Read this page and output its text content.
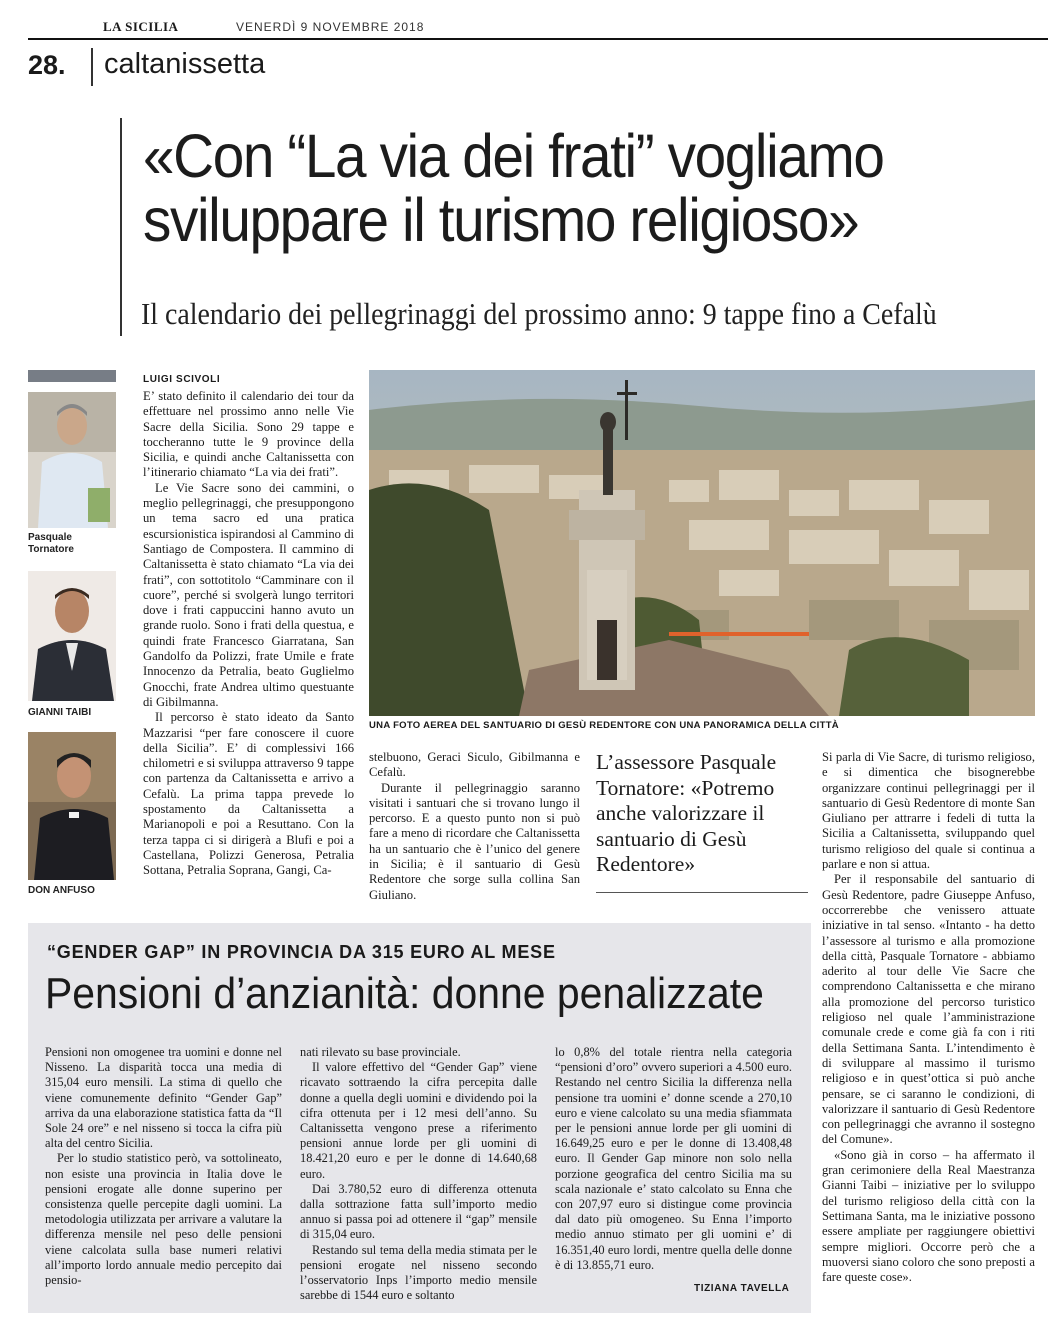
LA SICILIA	VENERDÌ 9 NOVEMBRE 2018
28. caltanissetta
«Con “La via dei frati” vogliamo
sviluppare il turismo religioso»
Il calendario dei pellegrinaggi del prossimo anno: 9 tappe fino a Cefalù
Pasquale Tornatore
GIANNI TAIBI
DON ANFUSO
LUIGI SCIVOLI

E’ stato definito il calendario dei tour da effettuare nel prossimo anno nelle Vie Sacre della Sicilia. Sono 29 tappe e toccheranno tutte le 9 province della Sicilia, e quindi anche Caltanissetta con l’itinerario chiamato “La via dei frati”.

Le Vie Sacre sono dei cammini, o meglio pellegrinaggi, che presuppongono un tema sacro ed una pratica escursionistica ispirandosi al Cammino di Santiago de Compostera. Il cammino di Caltanissetta è stato chiamato “La via dei frati”, con sottotitolo “Camminare con il cuore”, perché si svolgerà lungo territori dove i frati cappuccini hanno avuto un grande ruolo. Sono i frati della questua, e quindi frate Francesco Giarratana, San Gandolfo da Polizzi, frate Umile e frate Innocenzo da Petralia, beato Guglielmo Gnocchi, frate Andrea ultimo questuante di Gibilmanna.

Il percorso è stato ideato da Santo Mazzarisi “per fare conoscere il cuore della Sicilia”. E’ di complessivi 166 chilometri e si sviluppa attraverso 9 tappe con partenza da Caltanissetta e arrivo a Cefalù. La prima tappa prevede lo spostamento da Caltanissetta a Marianopoli e poi a Resuttano. Con la terza tappa ci si dirigerà a Blufi e poi a Castellana, Polizzi Generosa, Petralia Sottana, Petralia Soprana, Gangi, Ca-

UNA FOTO AEREA DEL SANTUARIO DI GESÙ REDENTORE CON UNA PANORAMICA DELLA CITTÀ

stelbuono, Geraci Siculo, Gibilmanna e Cefalù.

Durante il pellegrinaggio saranno visitati i santuari che si trovano lungo il percorso. E a questo punto non si può fare a meno di ricordare che Caltanissetta ha un santuario che è l’unico del genere in Sicilia; è il santuario di Gesù Redentore che sorge sulla collina San Giuliano.

L’assessore Pasquale Tornatore: «Potremo anche valorizzare il santuario di Gesù Redentore»

Si parla di Vie Sacre, di turismo religioso, e si dimentica che bisognerebbe organizzare continui pellegrinaggi per il santuario di Gesù Redentore di monte San Giuliano per attrarre i fedeli di tutta la Sicilia a Caltanissetta, sviluppando quel turismo religioso del quale si continua a parlare e non si attua.

Per il responsabile del santuario di Gesù Redentore, padre Giuseppe Anfuso, occorrerebbe che venissero attuate iniziative in tal senso. «Intanto - ha detto l’assessore al turismo e alla promozione della città, Pasquale Tornatore - abbiamo aderito al tour delle Vie Sacre che comprendono Caltanissetta e che mirano alla promozione del percorso turistico religioso nel quale l’amministrazione comunale crede e come già fa con i riti della Settimana Santa. L’intendimento è di sviluppare al massimo il turismo religioso e in quest’ottica si può anche pensare, se ci saranno le condizioni, di valorizzare il santuario di Gesù Redentore con pellegrinaggi che avranno il sostegno del Comune».

«Sono già in corso – ha affermato il gran cerimoniere della Real Maestranza Gianni Taibi – iniziative per lo sviluppo del turismo religioso della città con la Settimana Santa, ma le iniziative possono essere ampliate per raggiungere obiettivi sempre migliori. Occorre però che a muoversi siano coloro che sono preposti a fare queste cose».

“GENDER GAP” IN PROVINCIA DA 315 EURO AL MESE
Pensioni d’anzianità: donne penalizzate

Pensioni non omogenee tra uomini e donne nel Nisseno. La disparità tocca una media di 315,04 euro mensili. La stima di quello che viene comunemente definito “Gender Gap” arriva da una elaborazione statistica fatta da “Il Sole 24 ore” e nel nisseno si tocca la cifra più alta del centro Sicilia.

Per lo studio statistico però, va sottolineato, non esiste una provincia in Italia dove le pensioni erogate alle donne superino per consistenza quelle percepite dagli uomini. La metodologia utilizzata per arrivare a valutare la differenza mensile nel peso delle pensioni viene calcolata sulla base numeri relativi all’importo lordo annuale medio percepito dai pensio-

nati rilevato su base provinciale.

Il valore effettivo del “Gender Gap” viene ricavato sottraendo la cifra percepita dalle donne a quella degli uomini e dividendo poi la cifra ottenuta per i 12 mesi dell’anno. Su Caltanissetta vengono prese a riferimento pensioni annue lorde per gli uomini di 18.421,20 euro e per le donne di 14.640,68 euro.

Dai 3.780,52 euro di differenza ottenuta dalla sottrazione fatta sull’importo medio annuo si passa poi ad ottenere il “gap” mensile di 315,04 euro.

Restando sul tema della media stimata per le pensioni erogate nel nisseno secondo l’osservatorio Inps l’importo medio mensile sarebbe di 1544 euro e soltanto

lo 0,8% del totale rientra nella categoria “pensioni d’oro” ovvero superiori a 4.500 euro. Restando nel centro Sicilia la differenza nella pensione tra uomini e’ donne scende a 270,10 euro e viene calcolato su una media sfiammata per le pensioni annue lorde per gli uomini di 16.649,25 euro e per le donne di 13.408,48 euro. Il Gender Gap minore non solo nella porzione geografica del centro Sicilia ma su scala nazionale e’ stato calcolato su Enna che con 207,97 euro si distingue come provincia dal dato più omogeneo. Su Enna l’importo medio annuo stimato per gli uomini e’ di 16.351,40 euro lordi, mentre quella delle donne è di 13.855,71 euro.

TIZIANA TAVELLA
